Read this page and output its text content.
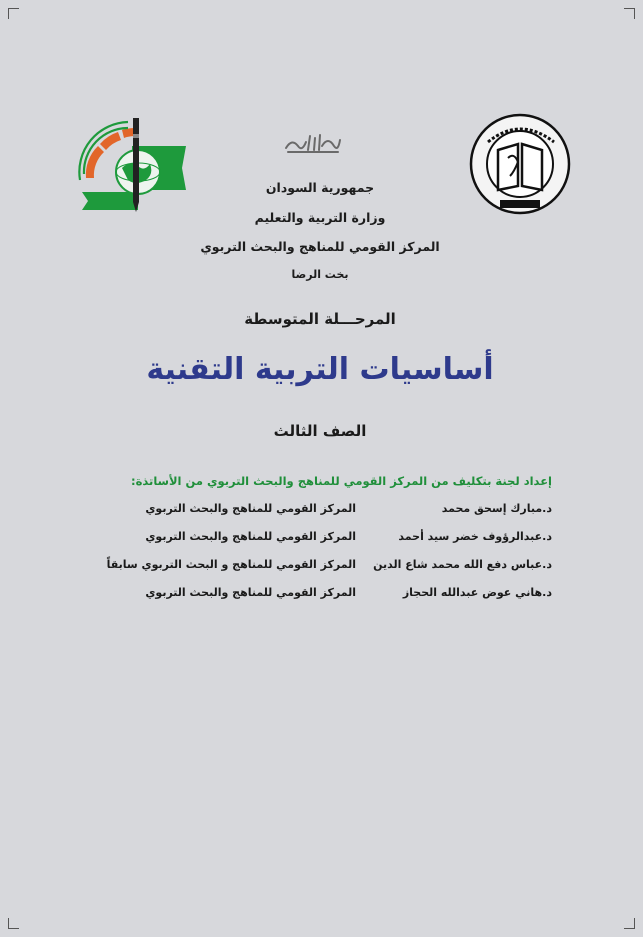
جمهورية السودان
وزارة التربية والتعليم
المركز القومي للمناهج والبحث التربوي
بخت الرضا
المرحـــلة المتوسطة
أساسيات التربية التقنية
الصف الثالث
إعداد لجنة بتكليف من المركز القومي للمناهج والبحث التربوي من الأساتذة:
د.مبارك إسحق محمد
المركز القومي للمناهج والبحث التربوي
د.عبدالرؤوف خضر سيد أحمد
المركز القومي للمناهج والبحث التربوي
د.عباس دفع الله محمد شاع الدين
المركز القومي للمناهج و البحث التربوي سابقاً
د.هاني عوض عبدالله الحجاز
المركز القومي للمناهج والبحث التربوي
